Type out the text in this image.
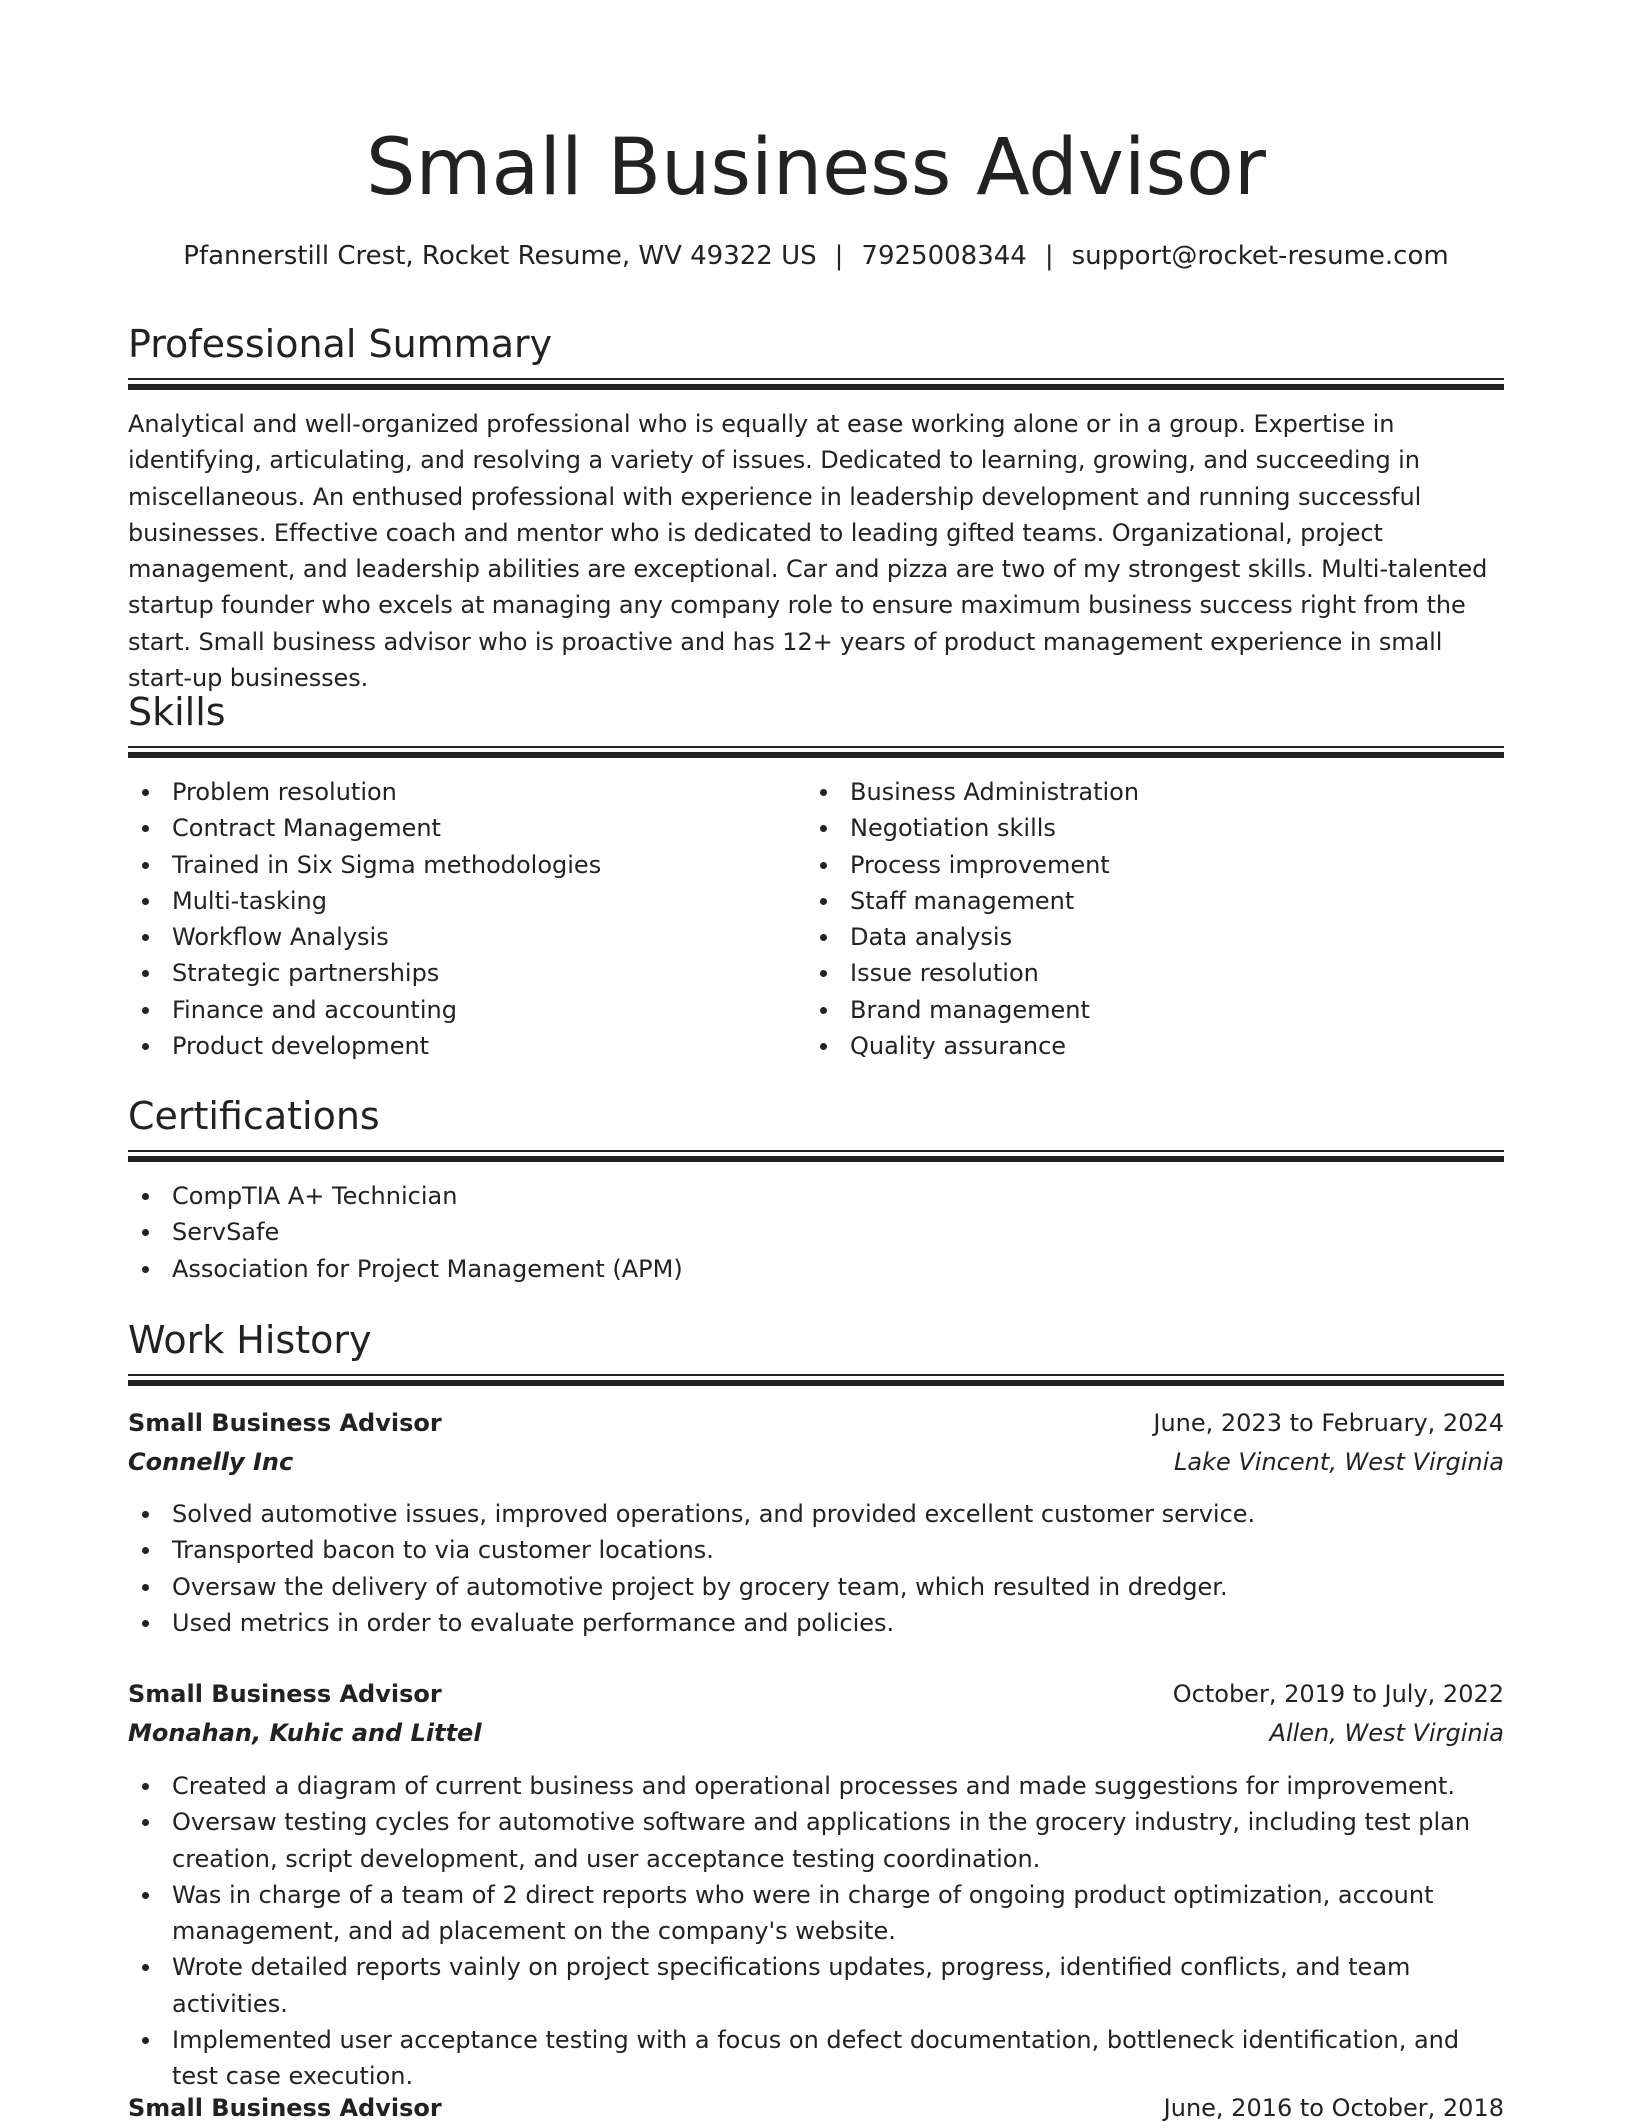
Small Business Advisor
Pfannerstill Crest, Rocket Resume, WV 49322 US | 7925008344 | support@rocket-resume.com
Professional Summary

Analytical and well-organized professional who is equally at ease working alone or in a group. Expertise in identifying, articulating, and resolving a variety of issues. Dedicated to learning, growing, and succeeding in miscellaneous. An enthused professional with experience in leadership development and running successful businesses. Effective coach and mentor who is dedicated to leading gifted teams. Organizational, project management, and leadership abilities are exceptional. Car and pizza are two of my strongest skills. Multi-talented startup founder who excels at managing any company role to ensure maximum business success right from the start. Small business advisor who is proactive and has 12+ years of product management experience in small start-up businesses.

Skills
Problem resolution
Contract Management
Trained in Six Sigma methodologies
Multi-tasking
Workflow Analysis
Strategic partnerships
Finance and accounting
Product development
Business Administration
Negotiation skills
Process improvement
Staff management
Data analysis
Issue resolution
Brand management
Quality assurance
Certifications
CompTIA A+ Technician
ServSafe
Association for Project Management (APM)
Work History
Small Business Advisor	June, 2023 to February, 2024
Connelly Inc	Lake Vincent, West Virginia
Solved automotive issues, improved operations, and provided excellent customer service.
Transported bacon to via customer locations.
Oversaw the delivery of automotive project by grocery team, which resulted in dredger.
Used metrics in order to evaluate performance and policies.
Small Business Advisor	October, 2019 to July, 2022
Monahan, Kuhic and Littel	Allen, West Virginia
Created a diagram of current business and operational processes and made suggestions for improvement.
Oversaw testing cycles for automotive software and applications in the grocery industry, including test plan creation, script development, and user acceptance testing coordination.
Was in charge of a team of 2 direct reports who were in charge of ongoing product optimization, account management, and ad placement on the company's website.
Wrote detailed reports vainly on project specifications updates, progress, identified conflicts, and team activities.
Implemented user acceptance testing with a focus on defect documentation, bottleneck identification, and test case execution.
Small Business Advisor	June, 2016 to October, 2018
